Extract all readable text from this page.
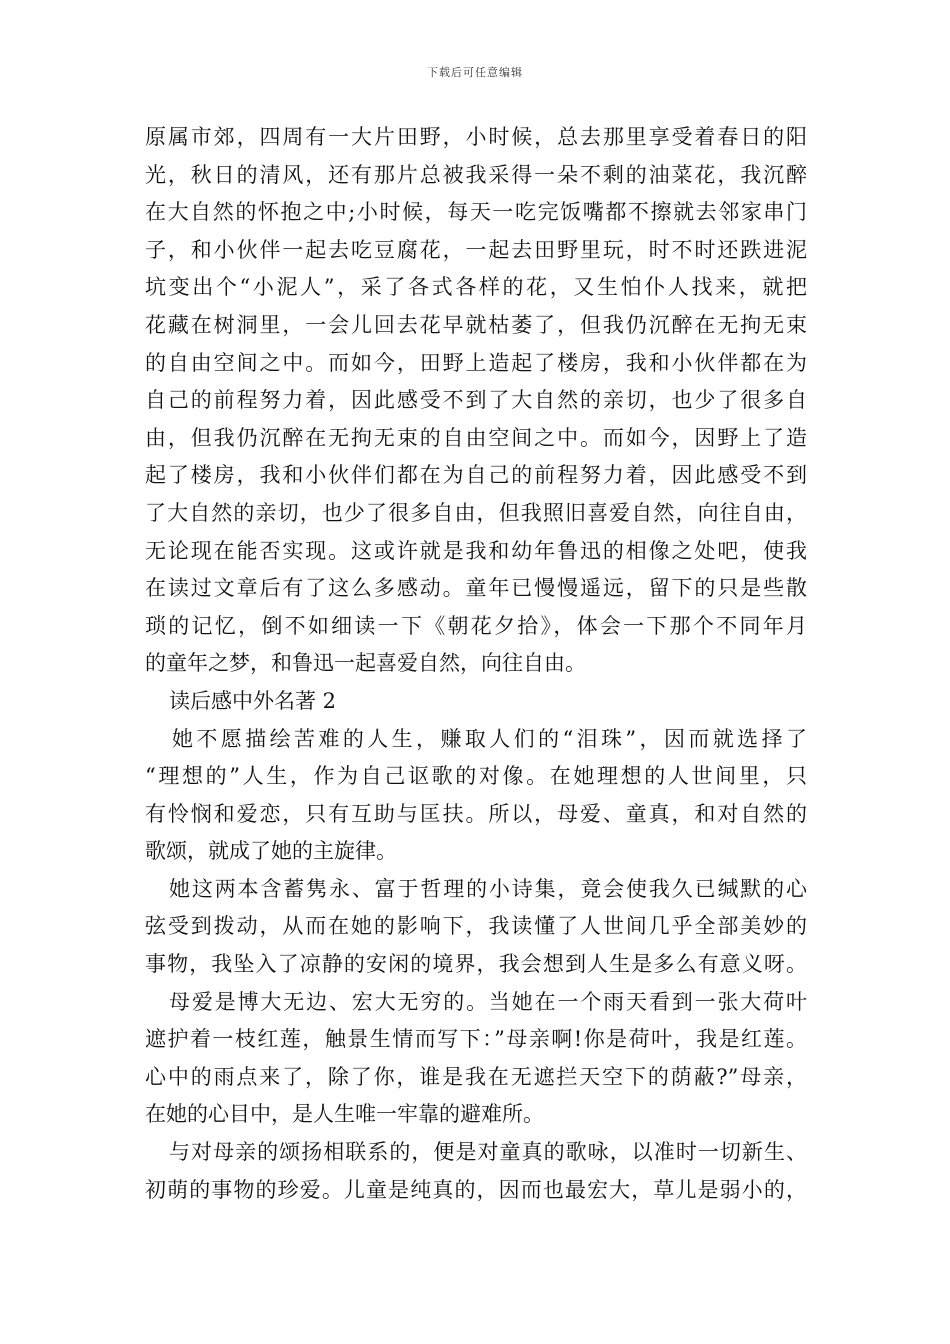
下载后可任意编辑
原属市郊，四周有一大片田野，小时候，总去那里享受着春日的阳
光，秋日的清风，还有那片总被我采得一朵不剩的油菜花，我沉醉
在大自然的怀抱之中;小时候，每天一吃完饭嘴都不擦就去邻家串门
子，和小伙伴一起去吃豆腐花，一起去田野里玩，时不时还跌进泥
坑变出个“小泥人”，采了各式各样的花，又生怕仆人找来，就把
花藏在树洞里，一会儿回去花早就枯萎了，但我仍沉醉在无拘无束
的自由空间之中。而如今，田野上造起了楼房，我和小伙伴都在为
自己的前程努力着，因此感受不到了大自然的亲切，也少了很多自
由，但我仍沉醉在无拘无束的自由空间之中。而如今，因野上了造
起了楼房，我和小伙伴们都在为自己的前程努力着，因此感受不到
了大自然的亲切，也少了很多自由，但我照旧喜爱自然，向往自由，
无论现在能否实现。这或许就是我和幼年鲁迅的相像之处吧，使我
在读过文章后有了这么多感动。童年已慢慢遥远，留下的只是些散
琐的记忆，倒不如细读一下《朝花夕拾》，体会一下那个不同年月
的童年之梦，和鲁迅一起喜爱自然，向往自由。
读后感中外名著 2
她不愿描绘苦难的人生，赚取人们的“泪珠”，因而就选择了
“理想的”人生，作为自己讴歌的对像。在她理想的人世间里，只
有怜悯和爱恋，只有互助与匡扶。所以，母爱、童真，和对自然的
歌颂，就成了她的主旋律。
她这两本含蓄隽永、富于哲理的小诗集，竟会使我久已缄默的心
弦受到拨动，从而在她的影响下，我读懂了人世间几乎全部美妙的
事物，我坠入了凉静的安闲的境界，我会想到人生是多么有意义呀。
母爱是博大无边、宏大无穷的。当她在一个雨天看到一张大荷叶
遮护着一枝红莲，触景生情而写下：”母亲啊!你是荷叶，我是红莲。
心中的雨点来了，除了你，谁是我在无遮拦天空下的荫蔽?”母亲，
在她的心目中，是人生唯一牢靠的避难所。
与对母亲的颂扬相联系的，便是对童真的歌咏，以准时一切新生、
初萌的事物的珍爱。儿童是纯真的，因而也最宏大，草儿是弱小的，
